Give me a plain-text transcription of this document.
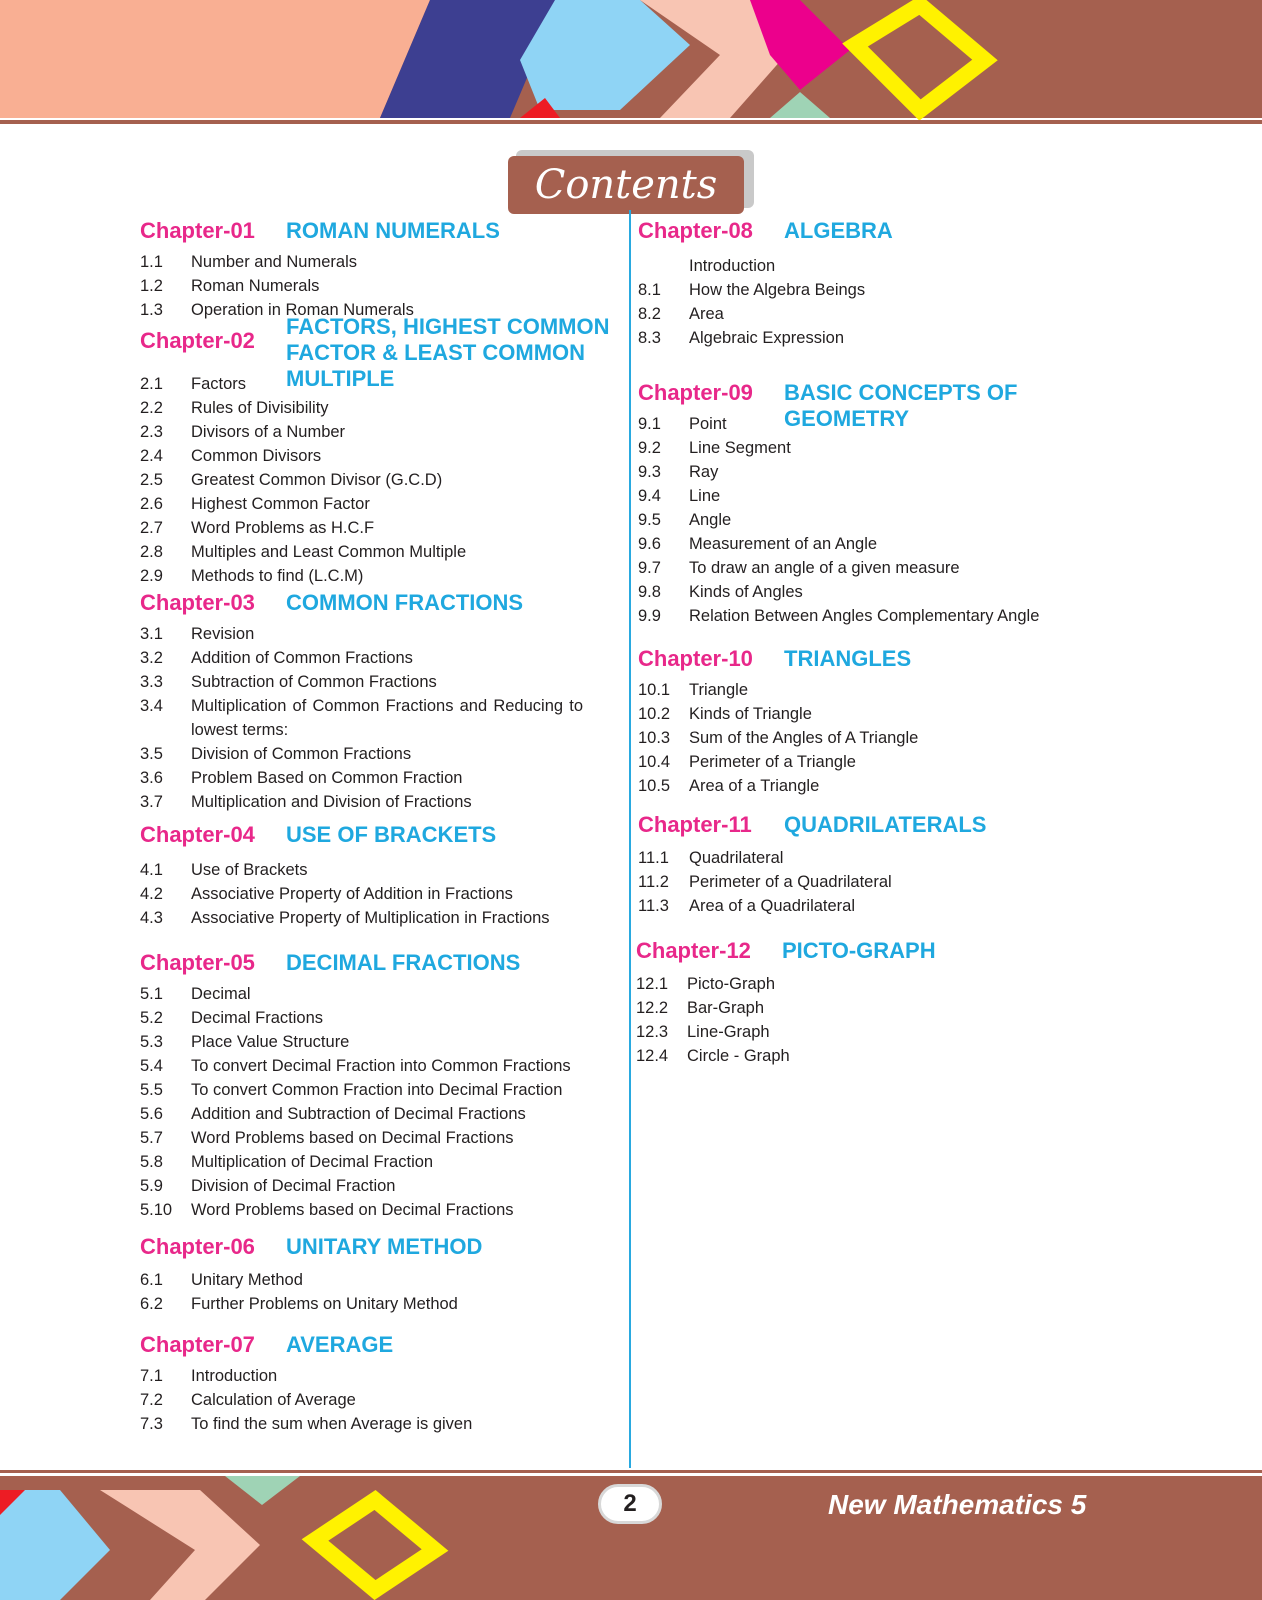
Contents
Chapter-01 ROMAN NUMERALS
1.1 Number and Numerals
1.2 Roman Numerals
1.3 Operation in Roman Numerals
Chapter-02
FACTORS, HIGHEST COMMON
FACTOR & LEAST COMMON
MULTIPLE
2.1 Factors
2.2 Rules of Divisibility
2.3 Divisors of a Number
2.4 Common Divisors
2.5 Greatest Common Divisor (G.C.D)
2.6 Highest Common Factor
2.7 Word Problems as H.C.F
2.8 Multiples and Least Common Multiple
2.9 Methods to find (L.C.M)
Chapter-03 COMMON FRACTIONS
3.1 Revision
3.2 Addition of Common Fractions
3.3 Subtraction of Common Fractions
3.4 Multiplication of Common Fractions and Reducing to lowest terms:
3.5 Division of Common Fractions
3.6 Problem Based on Common Fraction
3.7 Multiplication and Division of Fractions
Chapter-04 USE OF BRACKETS
4.1 Use of Brackets
4.2 Associative Property of Addition in Fractions
4.3 Associative Property of Multiplication in Fractions
Chapter-05 DECIMAL FRACTIONS
5.1 Decimal
5.2 Decimal Fractions
5.3 Place Value Structure
5.4 To convert Decimal Fraction into Common Fractions
5.5 To convert Common Fraction into Decimal Fraction
5.6 Addition and Subtraction of Decimal Fractions
5.7 Word Problems based on Decimal Fractions
5.8 Multiplication of Decimal Fraction
5.9 Division of Decimal Fraction
5.10 Word Problems based on Decimal Fractions
Chapter-06 UNITARY METHOD
6.1 Unitary Method
6.2 Further Problems on Unitary Method
Chapter-07 AVERAGE
7.1 Introduction
7.2 Calculation of Average
7.3 To find the sum when Average is given
Chapter-08 ALGEBRA
Introduction
8.1 How the Algebra Beings
8.2 Area
8.3 Algebraic Expression
Chapter-09 BASIC CONCEPTS OF GEOMETRY
9.1 Point
9.2 Line Segment
9.3 Ray
9.4 Line
9.5 Angle
9.6 Measurement of an Angle
9.7 To draw an angle of a given measure
9.8 Kinds of Angles
9.9 Relation Between Angles Complementary Angle
Chapter-10 TRIANGLES
10.1 Triangle
10.2 Kinds of Triangle
10.3 Sum of the Angles of A Triangle
10.4 Perimeter of a Triangle
10.5 Area of a Triangle
Chapter-11 QUADRILATERALS
11.1 Quadrilateral
11.2 Perimeter of a Quadrilateral
11.3 Area of a Quadrilateral
Chapter-12 PICTO-GRAPH
12.1 Picto-Graph
12.2 Bar-Graph
12.3 Line-Graph
12.4 Circle - Graph
2	New Mathematics 5
